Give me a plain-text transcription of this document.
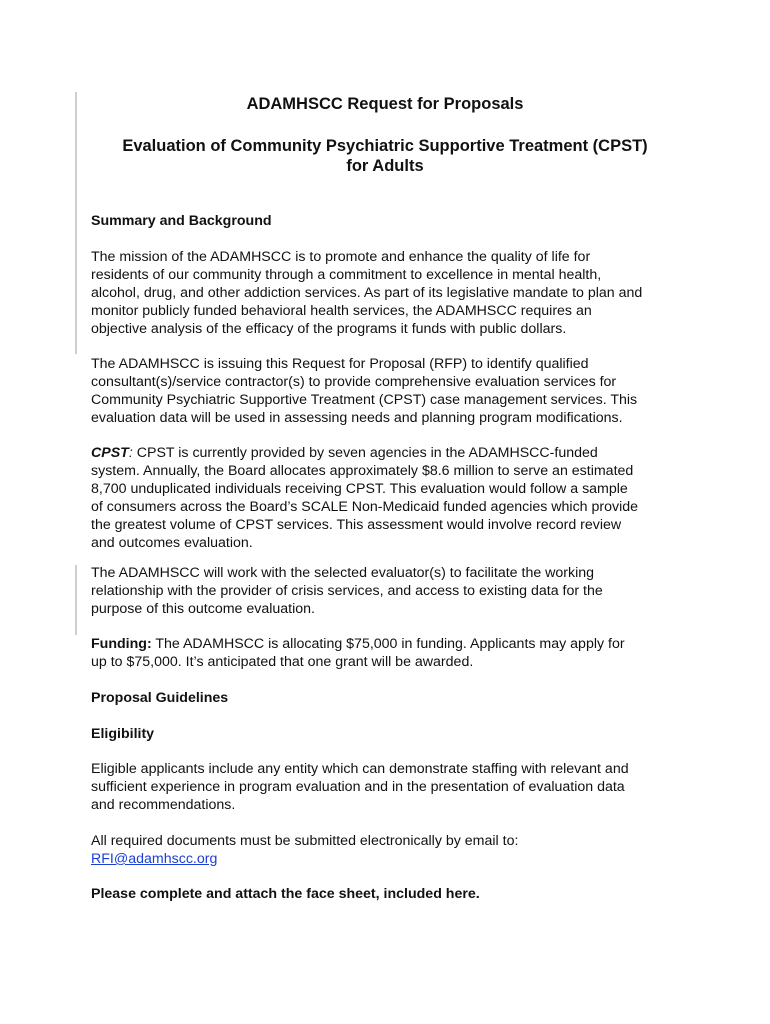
ADAMHSCC Request for Proposals
Evaluation of Community Psychiatric Supportive Treatment (CPST)
for Adults
Summary and Background
The mission of the ADAMHSCC is to promote and enhance the quality of life for
residents of our community through a commitment to excellence in mental health,
alcohol, drug, and other addiction services. As part of its legislative mandate to plan and
monitor publicly funded behavioral health services, the ADAMHSCC requires an
objective analysis of the efficacy of the programs it funds with public dollars.
The ADAMHSCC is issuing this Request for Proposal (RFP) to identify qualified
consultant(s)/service contractor(s) to provide comprehensive evaluation services for
Community Psychiatric Supportive Treatment (CPST) case management services. This
evaluation data will be used in assessing needs and planning program modifications.
CPST: CPST is currently provided by seven agencies in the ADAMHSCC-funded
system. Annually, the Board allocates approximately $8.6 million to serve an estimated
8,700 unduplicated individuals receiving CPST. This evaluation would follow a sample
of consumers across the Board’s SCALE Non-Medicaid funded agencies which provide
the greatest volume of CPST services. This assessment would involve record review
and outcomes evaluation.
The ADAMHSCC will work with the selected evaluator(s) to facilitate the working
relationship with the provider of crisis services, and access to existing data for the
purpose of this outcome evaluation.
Funding: The ADAMHSCC is allocating $75,000 in funding. Applicants may apply for
up to $75,000. It’s anticipated that one grant will be awarded.
Proposal Guidelines
Eligibility
Eligible applicants include any entity which can demonstrate staffing with relevant and
sufficient experience in program evaluation and in the presentation of evaluation data
and recommendations.
All required documents must be submitted electronically by email to:
RFI@adamhscc.org
Please complete and attach the face sheet, included here.
